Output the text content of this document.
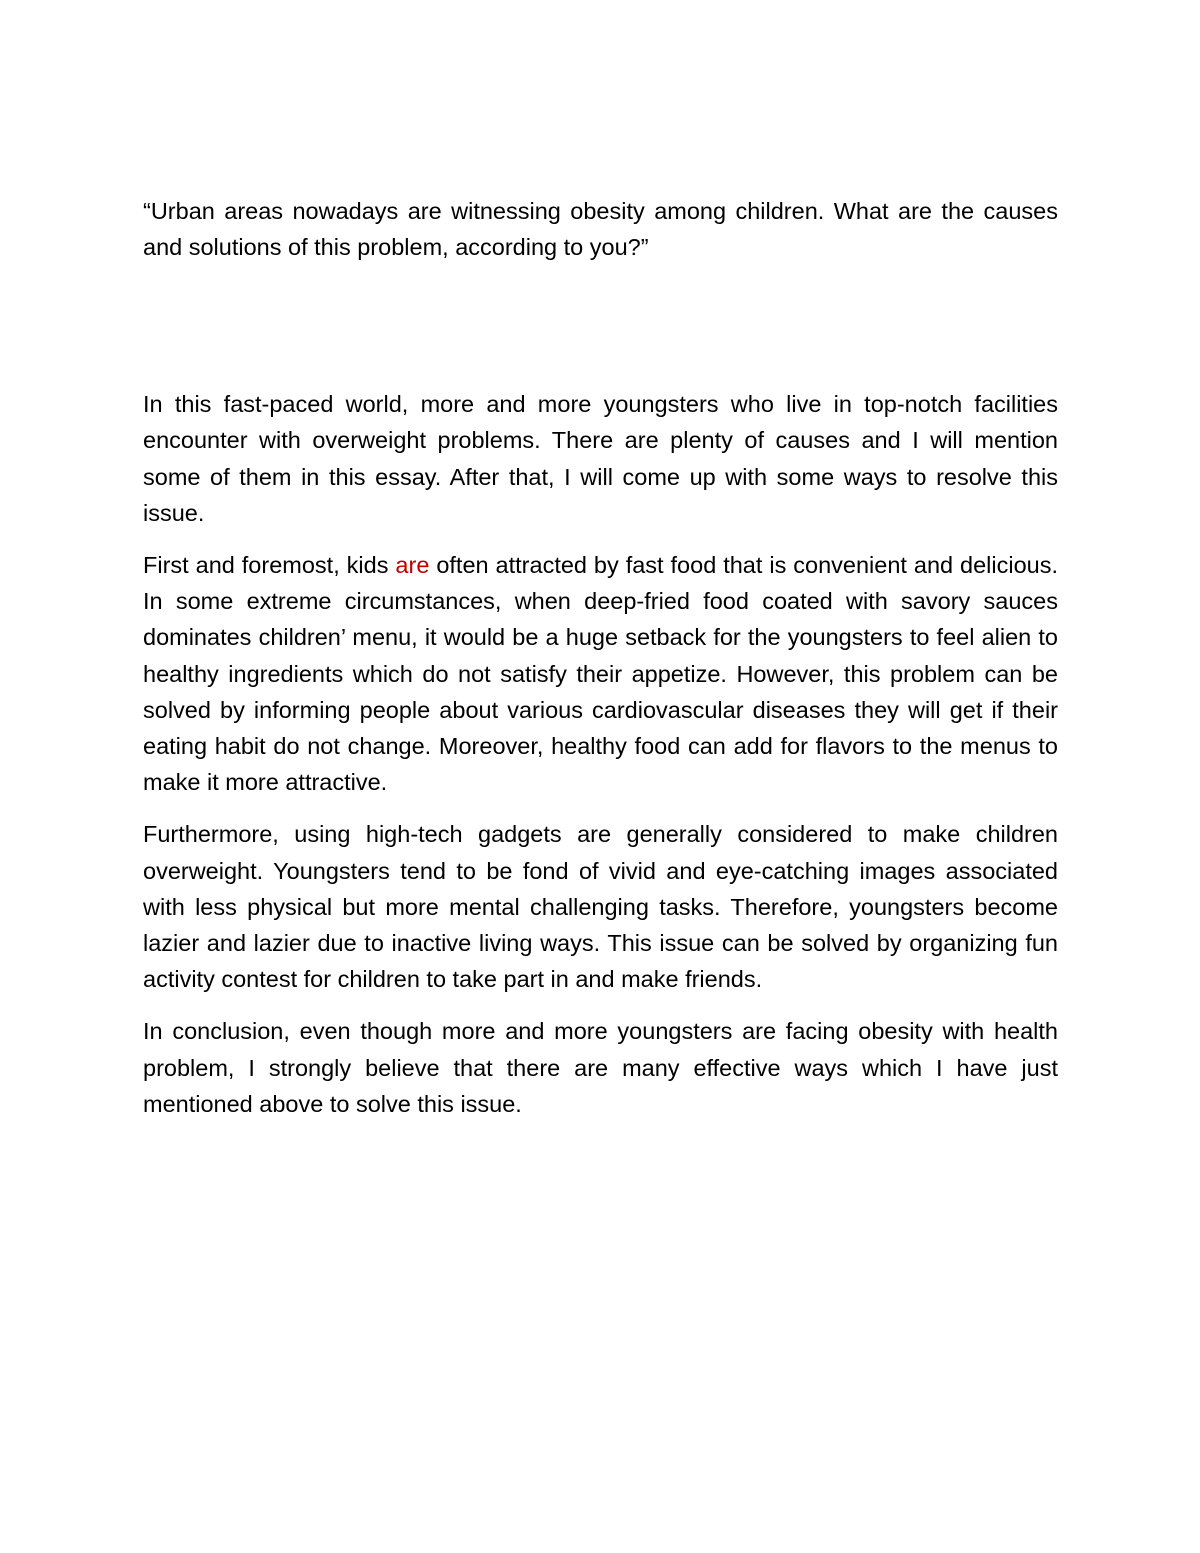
“Urban areas nowadays are witnessing obesity among children. What are the causes and solutions of this problem, according to you?”

In this fast-paced world, more and more youngsters who live in top-notch facilities encounter with overweight problems. There are plenty of causes and I will mention some of them in this essay. After that, I will come up with some ways to resolve this issue.

First and foremost, kids are often attracted by fast food that is convenient and delicious. In some extreme circumstances, when deep-fried food coated with savory sauces dominates children’ menu, it would be a huge setback for the youngsters to feel alien to healthy ingredients which do not satisfy their appetize. However, this problem can be solved by informing people about various cardiovascular diseases they will get if their eating habit do not change. Moreover, healthy food can add for flavors to the menus to make it more attractive.

Furthermore, using high-tech gadgets are generally considered to make children overweight. Youngsters tend to be fond of vivid and eye-catching images associated with less physical but more mental challenging tasks. Therefore, youngsters become lazier and lazier due to inactive living ways. This issue can be solved by organizing fun activity contest for children to take part in and make friends.

In conclusion, even though more and more youngsters are facing obesity with health problem, I strongly believe that there are many effective ways which I have just mentioned above to solve this issue.
